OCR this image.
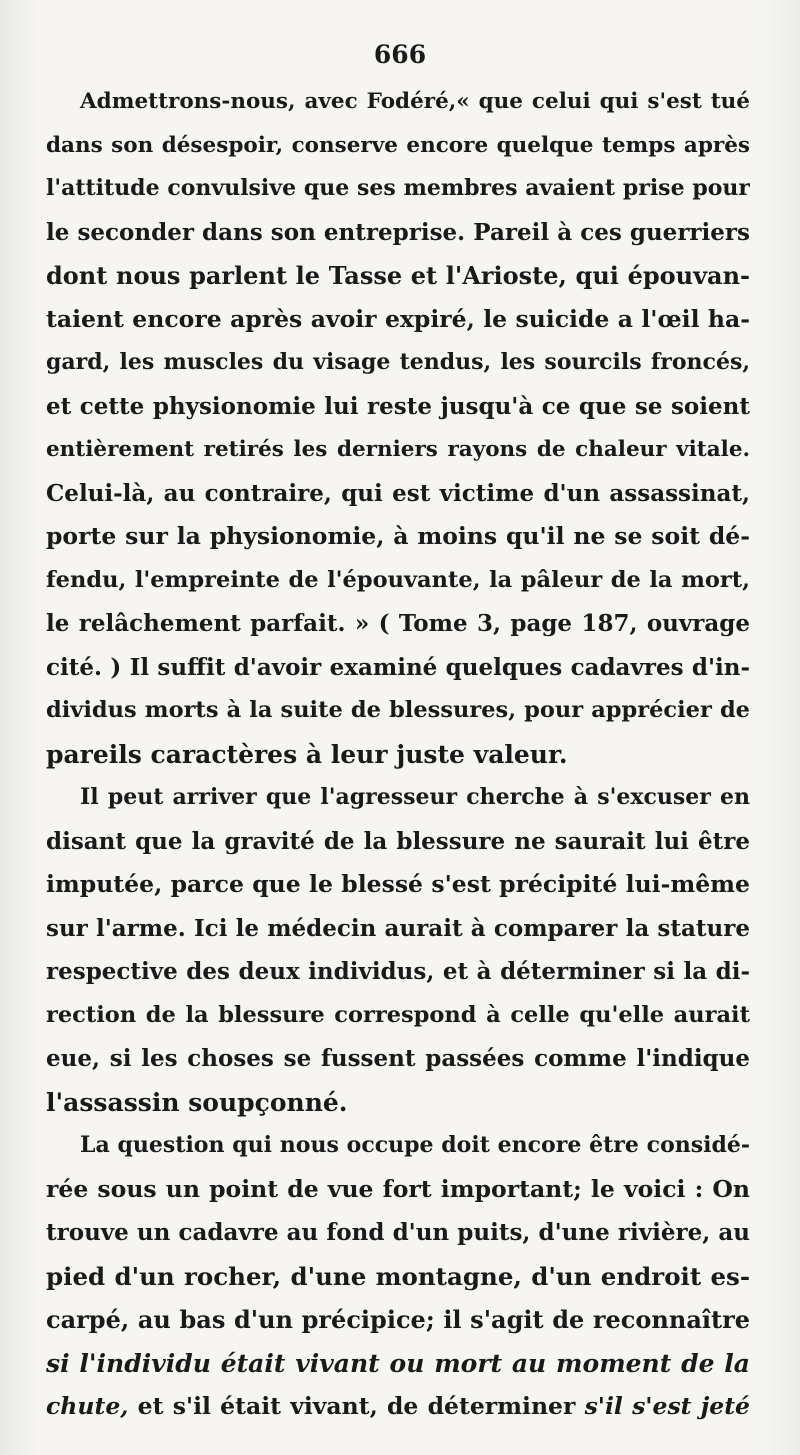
666
Admettrons-nous, avec Fodéré,« que celui qui s'est tué
dans son désespoir, conserve encore quelque temps après
l'attitude convulsive que ses membres avaient prise pour
le seconder dans son entreprise. Pareil à ces guerriers
dont nous parlent le Tasse et l'Arioste, qui épouvan-
taient encore après avoir expiré, le suicide a l'œil ha-
gard, les muscles du visage tendus, les sourcils froncés,
et cette physionomie lui reste jusqu'à ce que se soient
entièrement retirés les derniers rayons de chaleur vitale.
Celui-là, au contraire, qui est victime d'un assassinat,
porte sur la physionomie, à moins qu'il ne se soit dé-
fendu, l'empreinte de l'épouvante, la pâleur de la mort,
le relâchement parfait. » ( Tome 3, page 187, ouvrage
cité. ) Il suffit d'avoir examiné quelques cadavres d'in-
dividus morts à la suite de blessures, pour apprécier de
pareils caractères à leur juste valeur.
Il peut arriver que l'agresseur cherche à s'excuser en
disant que la gravité de la blessure ne saurait lui être
imputée, parce que le blessé s'est précipité lui-même
sur l'arme. Ici le médecin aurait à comparer la stature
respective des deux individus, et à déterminer si la di-
rection de la blessure correspond à celle qu'elle aurait
eue, si les choses se fussent passées comme l'indique
l'assassin soupçonné.
La question qui nous occupe doit encore être considé-
rée sous un point de vue fort important; le voici : On
trouve un cadavre au fond d'un puits, d'une rivière, au
pied d'un rocher, d'une montagne, d'un endroit es-
carpé, au bas d'un précipice; il s'agit de reconnaître
si l'individu était vivant ou mort au moment de la
chute, et s'il était vivant, de déterminer s'il s'est jeté
